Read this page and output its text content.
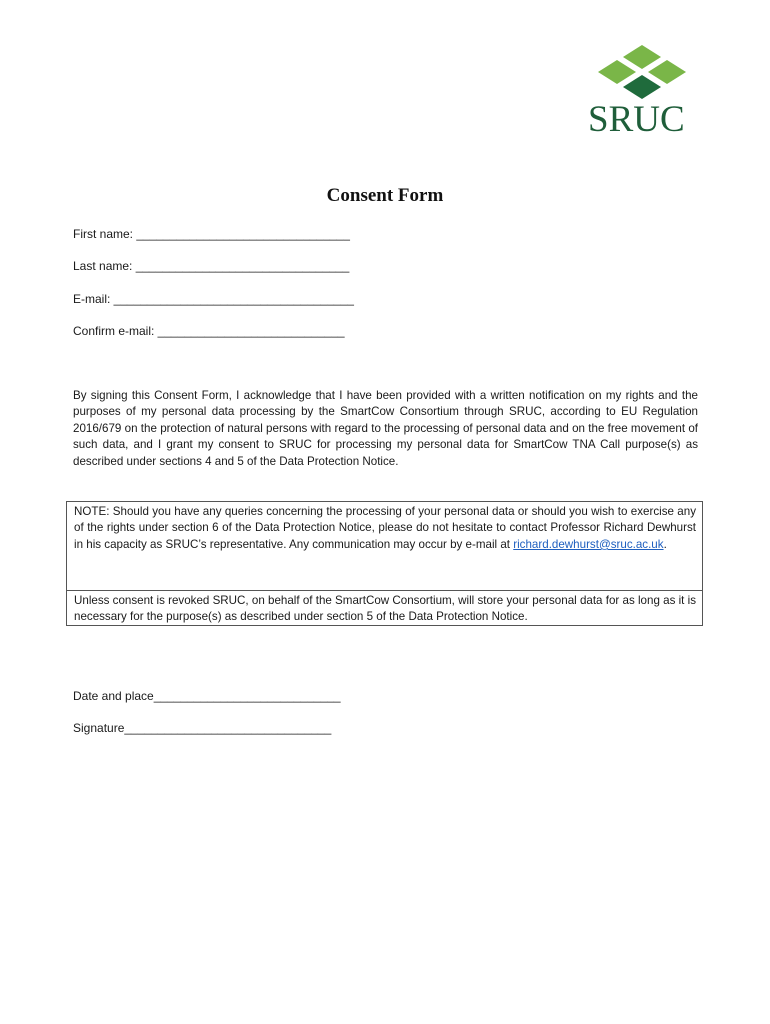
SRUC
Consent Form
First name: ________________________________
Last name: ________________________________
E-mail: ____________________________________
Confirm e-mail: ____________________________
By signing this Consent Form, I acknowledge that I have been provided with a written notification on my rights and the purposes of my personal data processing by the SmartCow Consortium through SRUC, according to EU Regulation 2016/679 on the protection of natural persons with regard to the processing of personal data and on the free movement of such data, and I grant my consent to SRUC for processing my personal data for SmartCow TNA Call purpose(s) as described under sections 4 and 5 of the Data Protection Notice.
NOTE: Should you have any queries concerning the processing of your personal data or should you wish to exercise any of the rights under section 6 of the Data Protection Notice, please do not hesitate to contact Professor Richard Dewhurst in his capacity as SRUC’s representative. Any communication may occur by e-mail at richard.dewhurst@sruc.ac.uk.
Unless consent is revoked SRUC, on behalf of the SmartCow Consortium, will store your personal data for as long as it is necessary for the purpose(s) as described under section 5 of the Data Protection Notice.
Date and place____________________________
Signature_______________________________
